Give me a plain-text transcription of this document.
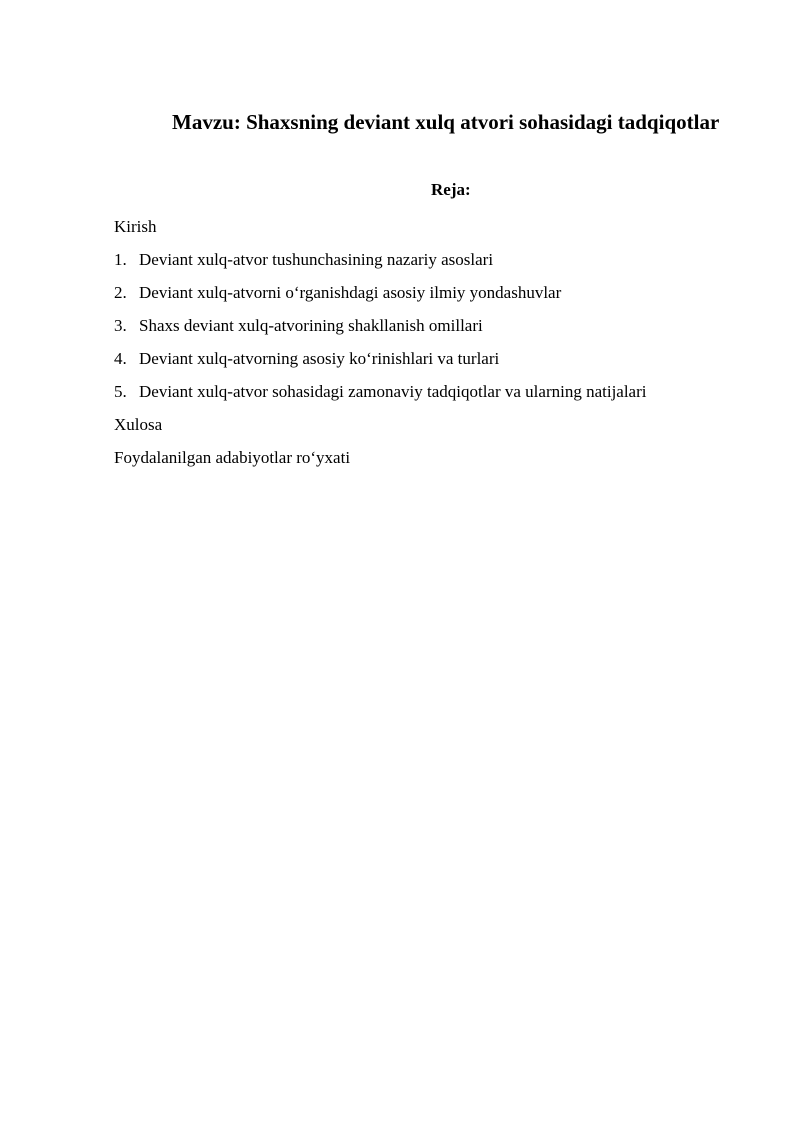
Mavzu: Shaxsning deviant xulq atvori sohasidagi tadqiqotlar
Reja:
Kirish
1. Deviant xulq-atvor tushunchasining nazariy asoslari
2. Deviant xulq-atvorni o‘rganishdagi asosiy ilmiy yondashuvlar
3. Shaxs deviant xulq-atvorining shakllanish omillari
4. Deviant xulq-atvorning asosiy ko‘rinishlari va turlari
5. Deviant xulq-atvor sohasidagi zamonaviy tadqiqotlar va ularning natijalari
Xulosa
Foydalanilgan adabiyotlar ro‘yxati
